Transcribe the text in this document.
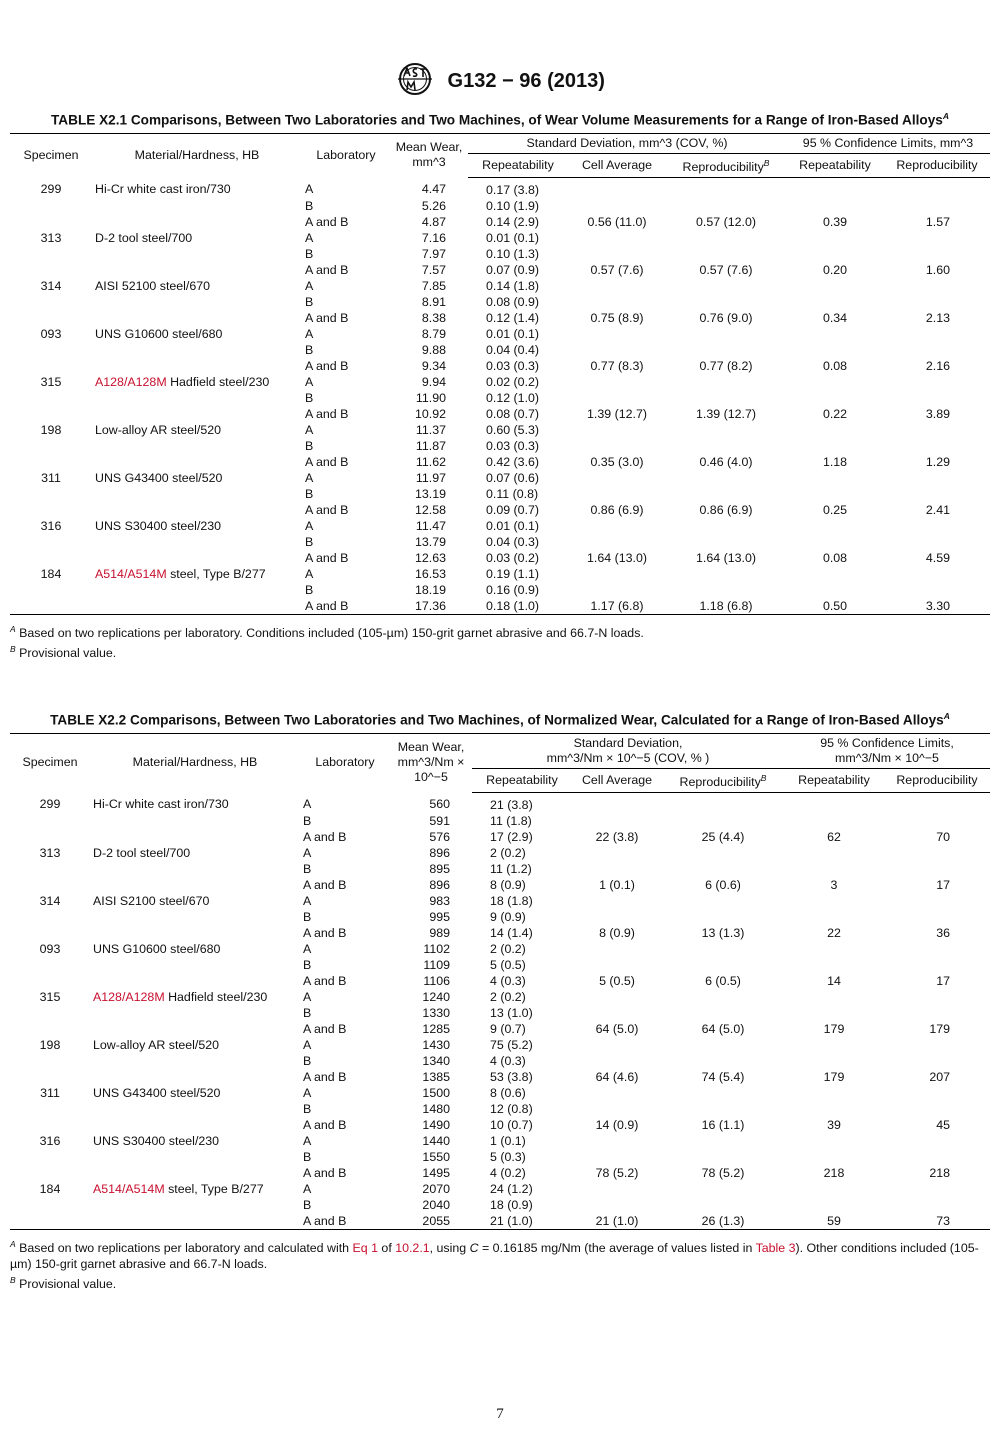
G132 − 96 (2013)
TABLE X2.1 Comparisons, Between Two Laboratories and Two Machines, of Wear Volume Measurements for a Range of Iron-Based Alloys$^A$
Specimen	Material/Hardness, HB	Laboratory	Mean Wear,
mm^3	Standard Deviation, mm^3 (COV, %)			95 % Confidence Limits, mm^3	
				Repeatability	Cell Average	Reproducibility$^B$	Repeatability	Reproducibility
299	Hi-Cr white cast iron/730	A	4.47	0.17 (3.8)				
		B	5.26	0.10 (1.9)				
		A and B	4.87	0.14 (2.9)	0.56 (11.0)	0.57 (12.0)	0.39	1.57
313	D-2 tool steel/700	A	7.16	0.01 (0.1)				
		B	7.97	0.10 (1.3)				
		A and B	7.57	0.07 (0.9)	0.57 (7.6)	0.57 (7.6)	0.20	1.60
314	AISI 52100 steel/670	A	7.85	0.14 (1.8)				
		B	8.91	0.08 (0.9)				
		A and B	8.38	0.12 (1.4)	0.75 (8.9)	0.76 (9.0)	0.34	2.13
093	UNS G10600 steel/680	A	8.79	0.01 (0.1)				
		B	9.88	0.04 (0.4)				
		A and B	9.34	0.03 (0.3)	0.77 (8.3)	0.77 (8.2)	0.08	2.16
315	A128/A128M Hadfield steel/230	A	9.94	0.02 (0.2)				
		B	11.90	0.12 (1.0)				
		A and B	10.92	0.08 (0.7)	1.39 (12.7)	1.39 (12.7)	0.22	3.89
198	Low-alloy AR steel/520	A	11.37	0.60 (5.3)				
		B	11.87	0.03 (0.3)				
		A and B	11.62	0.42 (3.6)	0.35 (3.0)	0.46 (4.0)	1.18	1.29
311	UNS G43400 steel/520	A	11.97	0.07 (0.6)				
		B	13.19	0.11 (0.8)				
		A and B	12.58	0.09 (0.7)	0.86 (6.9)	0.86 (6.9)	0.25	2.41
316	UNS S30400 steel/230	A	11.47	0.01 (0.1)				
		B	13.79	0.04 (0.3)				
		A and B	12.63	0.03 (0.2)	1.64 (13.0)	1.64 (13.0)	0.08	4.59
184	A514/A514M steel, Type B/277	A	16.53	0.19 (1.1)				
		B	18.19	0.16 (0.9)				
		A and B	17.36	0.18 (1.0)	1.17 (6.8)	1.18 (6.8)	0.50	3.30

$^A$ Based on two replications per laboratory. Conditions included (105-µm) 150-grit garnet abrasive and 66.7-N loads.

$^B$ Provisional value.

TABLE X2.2 Comparisons, Between Two Laboratories and Two Machines, of Normalized Wear, Calculated for a Range of Iron-Based Alloys$^A$
Specimen	Material/Hardness, HB	Laboratory	Mean Wear,
mm^3/Nm ×
10^−5	Standard Deviation,
mm^3/Nm × 10^−5 (COV, % )			95 % Confidence Limits,
mm^3/Nm × 10^−5	
				Repeatability	Cell Average	Reproducibility$^B$	Repeatability	Reproducibility
299	Hi-Cr white cast iron/730	A	560	21 (3.8)				
		B	591	11 (1.8)				
		A and B	576	17 (2.9)	22 (3.8)	25 (4.4)	62	70
313	D-2 tool steel/700	A	896	2 (0.2)				
		B	895	11 (1.2)				
		A and B	896	8 (0.9)	1 (0.1)	6 (0.6)	3	17
314	AISI S2100 steel/670	A	983	18 (1.8)				
		B	995	9 (0.9)				
		A and B	989	14 (1.4)	8 (0.9)	13 (1.3)	22	36
093	UNS G10600 steel/680	A	1102	2 (0.2)				
		B	1109	5 (0.5)				
		A and B	1106	4 (0.3)	5 (0.5)	6 (0.5)	14	17
315	A128/A128M Hadfield steel/230	A	1240	2 (0.2)				
		B	1330	13 (1.0)				
		A and B	1285	9 (0.7)	64 (5.0)	64 (5.0)	179	179
198	Low-alloy AR steel/520	A	1430	75 (5.2)				
		B	1340	4 (0.3)				
		A and B	1385	53 (3.8)	64 (4.6)	74 (5.4)	179	207
311	UNS G43400 steel/520	A	1500	8 (0.6)				
		B	1480	12 (0.8)				
		A and B	1490	10 (0.7)	14 (0.9)	16 (1.1)	39	45
316	UNS S30400 steel/230	A	1440	1 (0.1)				
		B	1550	5 (0.3)				
		A and B	1495	4 (0.2)	78 (5.2)	78 (5.2)	218	218
184	A514/A514M steel, Type B/277	A	2070	24 (1.2)				
		B	2040	18 (0.9)				
		A and B	2055	21 (1.0)	21 (1.0)	26 (1.3)	59	73

$^A$ Based on two replications per laboratory and calculated with Eq 1 of 10.2.1, using C = 0.16185 mg/Nm (the average of values listed in Table 3). Other conditions included (105-µm) 150-grit garnet abrasive and 66.7-N loads.

$^B$ Provisional value.

7
